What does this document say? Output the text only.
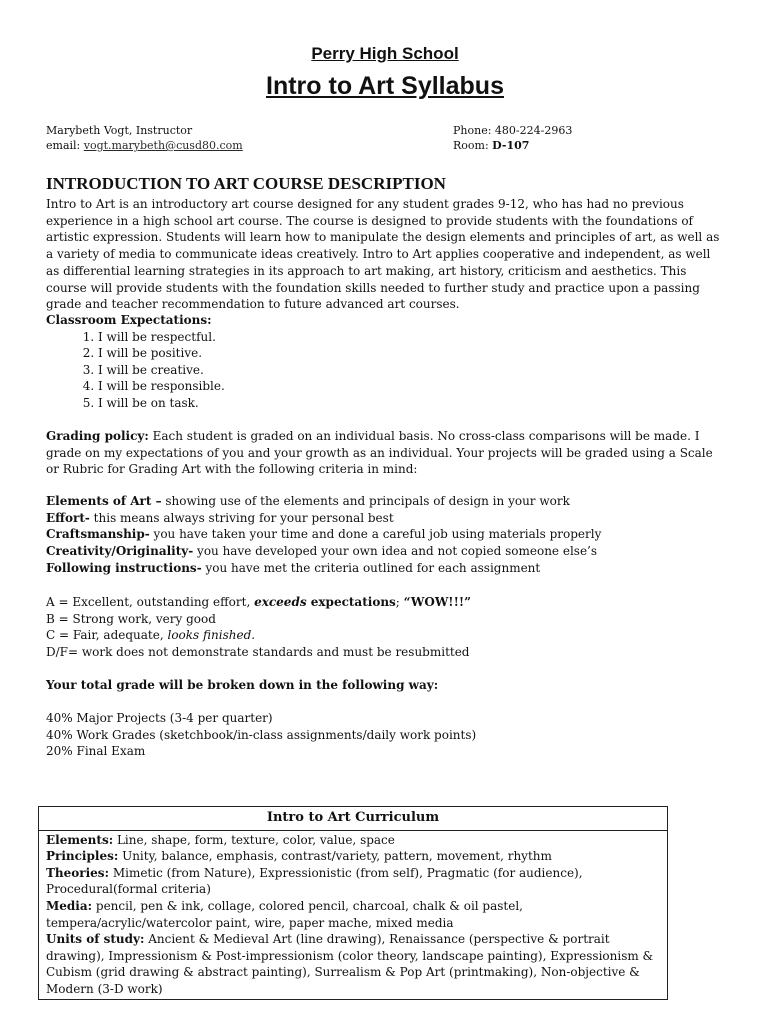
Perry High School
Intro to Art Syllabus
Marybeth Vogt, Instructor
email: vogt.marybeth@cusd80.com
Phone: 480-224-2963
Room: D-107
INTRODUCTION TO ART COURSE DESCRIPTION

Intro to Art is an introductory art course designed for any student grades 9-12, who has had no previous experience in a high school art course. The course is designed to provide students with the foundations of artistic expression. Students will learn how to manipulate the design elements and principles of art, as well as a variety of media to communicate ideas creatively. Intro to Art applies cooperative and independent, as well as differential learning strategies in its approach to art making, art history, criticism and aesthetics. This course will provide students with the foundation skills needed to further study and practice upon a passing grade and teacher recommendation to future advanced art courses.

Classroom Expectations:
1. I will be respectful.
2. I will be positive.
3. I will be creative.
4. I will be responsible.
5. I will be on task.
Grading policy: Each student is graded on an individual basis. No cross-class comparisons will be made. I grade on my expectations of you and your growth as an individual. Your projects will be graded using a Scale or Rubric for Grading Art with the following criteria in mind:
Elements of Art – showing use of the elements and principals of design in your work
Effort- this means always striving for your personal best
Craftsmanship- you have taken your time and done a careful job using materials properly
Creativity/Originality- you have developed your own idea and not copied someone else’s
Following instructions- you have met the criteria outlined for each assignment
A = Excellent, outstanding effort, exceeds expectations; “WOW!!!”
B = Strong work, very good
C = Fair, adequate, looks finished.
D/F= work does not demonstrate standards and must be resubmitted
Your total grade will be broken down in the following way:
40% Major Projects (3-4 per quarter)
40% Work Grades (sketchbook/in-class assignments/daily work points)
20% Final Exam
Intro to Art Curriculum
Elements: Line, shape, form, texture, color, value, space
Principles: Unity, balance, emphasis, contrast/variety, pattern, movement, rhythm
Theories: Mimetic (from Nature), Expressionistic (from self), Pragmatic (for audience), Procedural(formal criteria)
Media: pencil, pen & ink, collage, colored pencil, charcoal, chalk & oil pastel, tempera/acrylic/watercolor paint, wire, paper mache, mixed media
Units of study: Ancient & Medieval Art (line drawing), Renaissance (perspective & portrait drawing), Impressionism & Post-impressionism (color theory, landscape painting), Expressionism & Cubism (grid drawing & abstract painting), Surrealism & Pop Art (printmaking), Non-objective & Modern (3-D work)
